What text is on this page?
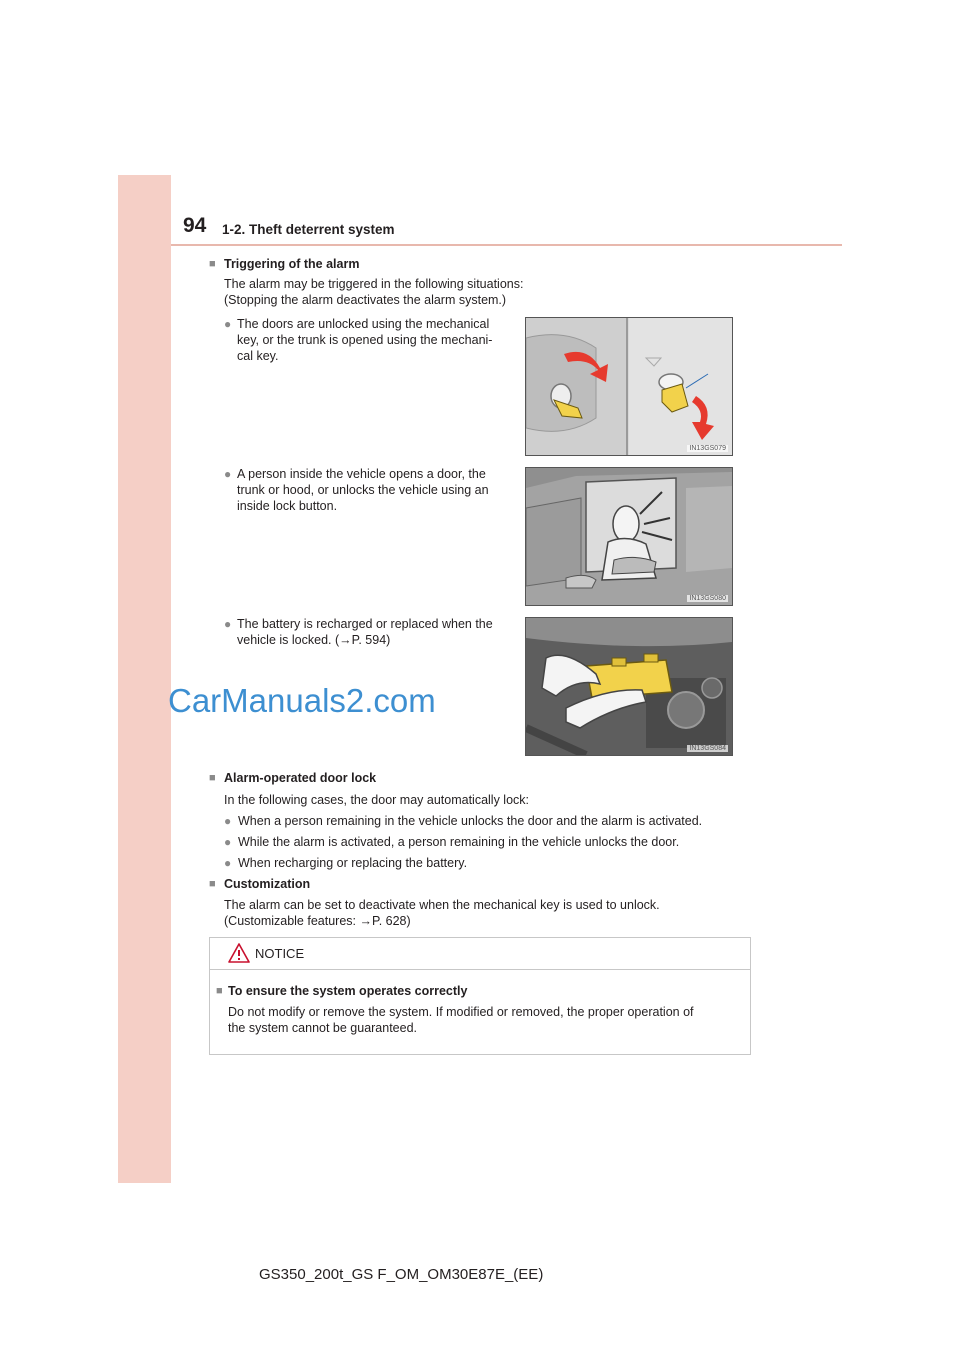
94 1-2. Theft deterrent system
■ Triggering of the alarm
The alarm may be triggered in the following situations:
(Stopping the alarm deactivates the alarm system.)
● The doors are unlocked using the mechanical
key, or the trunk is opened using the mechani-
cal key.
IN13GS079
● A person inside the vehicle opens a door, the
trunk or hood, or unlocks the vehicle using an
inside lock button.
IN13GS080
● The battery is recharged or replaced when the
vehicle is locked. (→P. 594)
IN13GS084
CarManuals2.com
■ Alarm-operated door lock
In the following cases, the door may automatically lock:
● When a person remaining in the vehicle unlocks the door and the alarm is activated.
● While the alarm is activated, a person remaining in the vehicle unlocks the door.
● When recharging or replacing the battery.
■ Customization
The alarm can be set to deactivate when the mechanical key is used to unlock.
(Customizable features: →P. 628)
NOTICE
■ To ensure the system operates correctly
Do not modify or remove the system. If modified or removed, the proper operation of
the system cannot be guaranteed.
GS350_200t_GS F_OM_OM30E87E_(EE)
